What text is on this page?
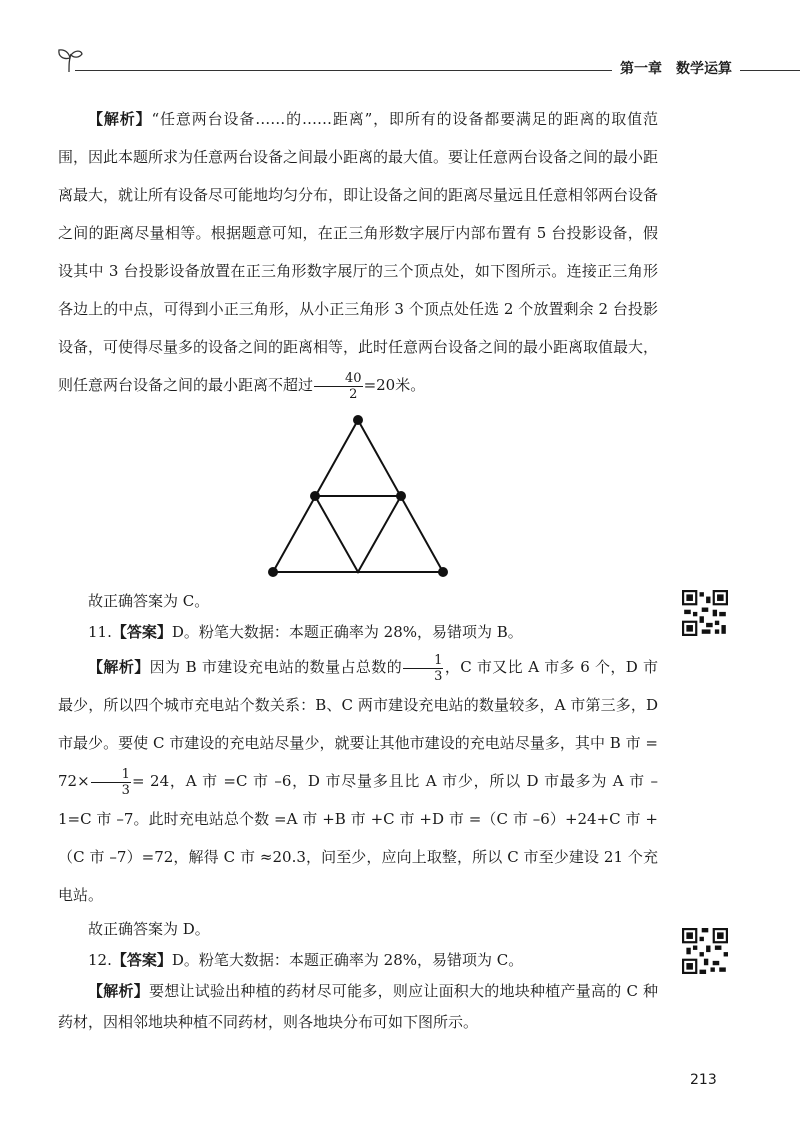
第一章 数学运算

【解析】“任意两台设备……的……距离”，即所有的设备都要满足的距离的取值范围，因此本题所求为任意两台设备之间最小距离的最大值。要让任意两台设备之间的最小距离最大，就让所有设备尽可能地均匀分布，即让设备之间的距离尽量远且任意相邻两台设备之间的距离尽量相等。根据题意可知，在正三角形数字展厅内部布置有 5 台投影设备，假设其中 3 台投影设备放置在正三角形数字展厅的三个顶点处，如下图所示。连接正三角形各边上的中点，可得到小正三角形，从小正三角形 3 个顶点处任选 2 个放置剩余 2 台投影设备，可使得尽量多的设备之间的距离相等，此时任意两台设备之间的最小距离取值最大，则任意两台设备之间的最小距离不超过 $\frac{40}{2} =20$米。

故正确答案为 C。

11.【答案】D。粉笔大数据：本题正确率为 28%，易错项为 B。

【解析】因为 B 市建设充电站的数量占总数的 $\frac{1}{3}$ ，C 市又比 A 市多 6 个，D 市最少，所以四个城市充电站个数关系：B、C 两市建设充电站的数量较多，A 市第三多，D 市最少。要使 C 市建设的充电站尽量少，就要让其他市建设的充电站尽量多，其中 B 市 = $72\times \frac{1}{3} = 24$，A 市 =C 市 –6，D 市尽量多且比 A 市少，所以 D 市最多为 A 市 –1=C 市 –7。此时充电站总个数 =A 市 +B 市 +C 市 +D 市 =（C 市 –6）+24+C 市 +（C 市 –7）=72，解得 C 市 ≈20.3，问至少，应向上取整，所以 C 市至少建设 21 个充电站。

故正确答案为 D。

12.【答案】D。粉笔大数据：本题正确率为 28%，易错项为 C。

【解析】要想让试验出种植的药材尽可能多，则应让面积大的地块种植产量高的 C 种药材，因相邻地块种植不同药材，则各地块分布可如下图所示。

213
